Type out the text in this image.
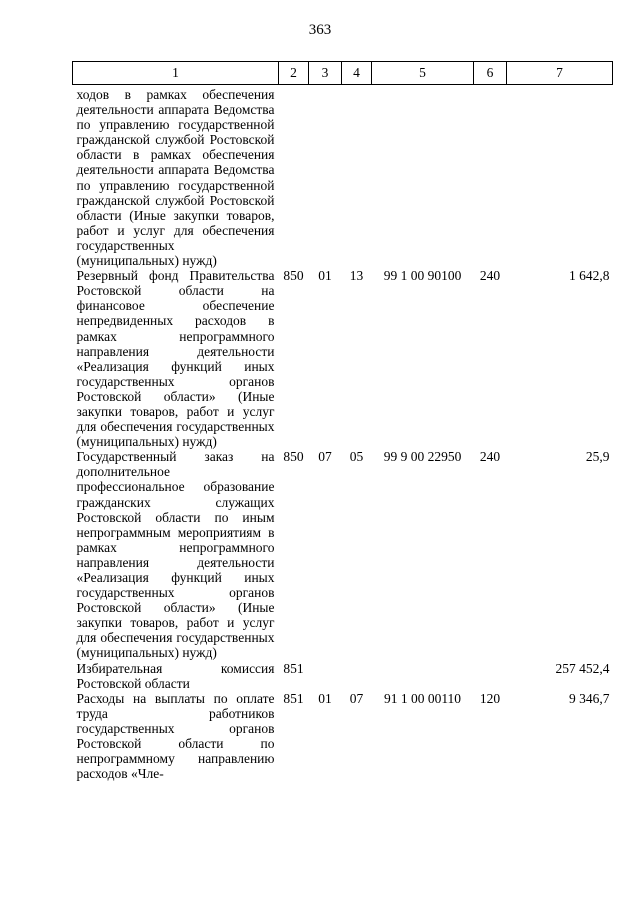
363
1	2	3	4	5	6	7
ходов в рамках обеспечения деятельности аппарата Ведомства по управлению государственной гражданской службой Ростовской области в рамках обеспечения деятельности аппарата Ведомства по управлению государственной гражданской службой Ростовской области (Иные закупки товаров, работ и услуг для обеспечения государственных (муниципальных) нужд)						
Резервный фонд Правительства Ростовской области на финансовое обеспечение непредвиденных расходов в рамках непрограммного направления деятельности «Реализация функций иных государственных органов Ростовской области» (Иные закупки товаров, работ и услуг для обеспечения государственных (муниципальных) нужд)	850	01	13	99 1 00 90100	240	1 642,8
Государственный заказ на дополнительное профессиональное образование гражданских служащих Ростовской области по иным непрограммным мероприятиям в рамках непрограммного направления деятельности «Реализация функций иных государственных органов Ростовской области» (Иные закупки товаров, работ и услуг для обеспечения государственных (муниципальных) нужд)	850	07	05	99 9 00 22950	240	25,9
Избирательная комиссия Ростовской области	851					257 452,4
Расходы на выплаты по оплате труда работников государственных органов Ростовской области по непрограммному направлению расходов «Чле-	851	01	07	91 1 00 00110	120	9 346,7
